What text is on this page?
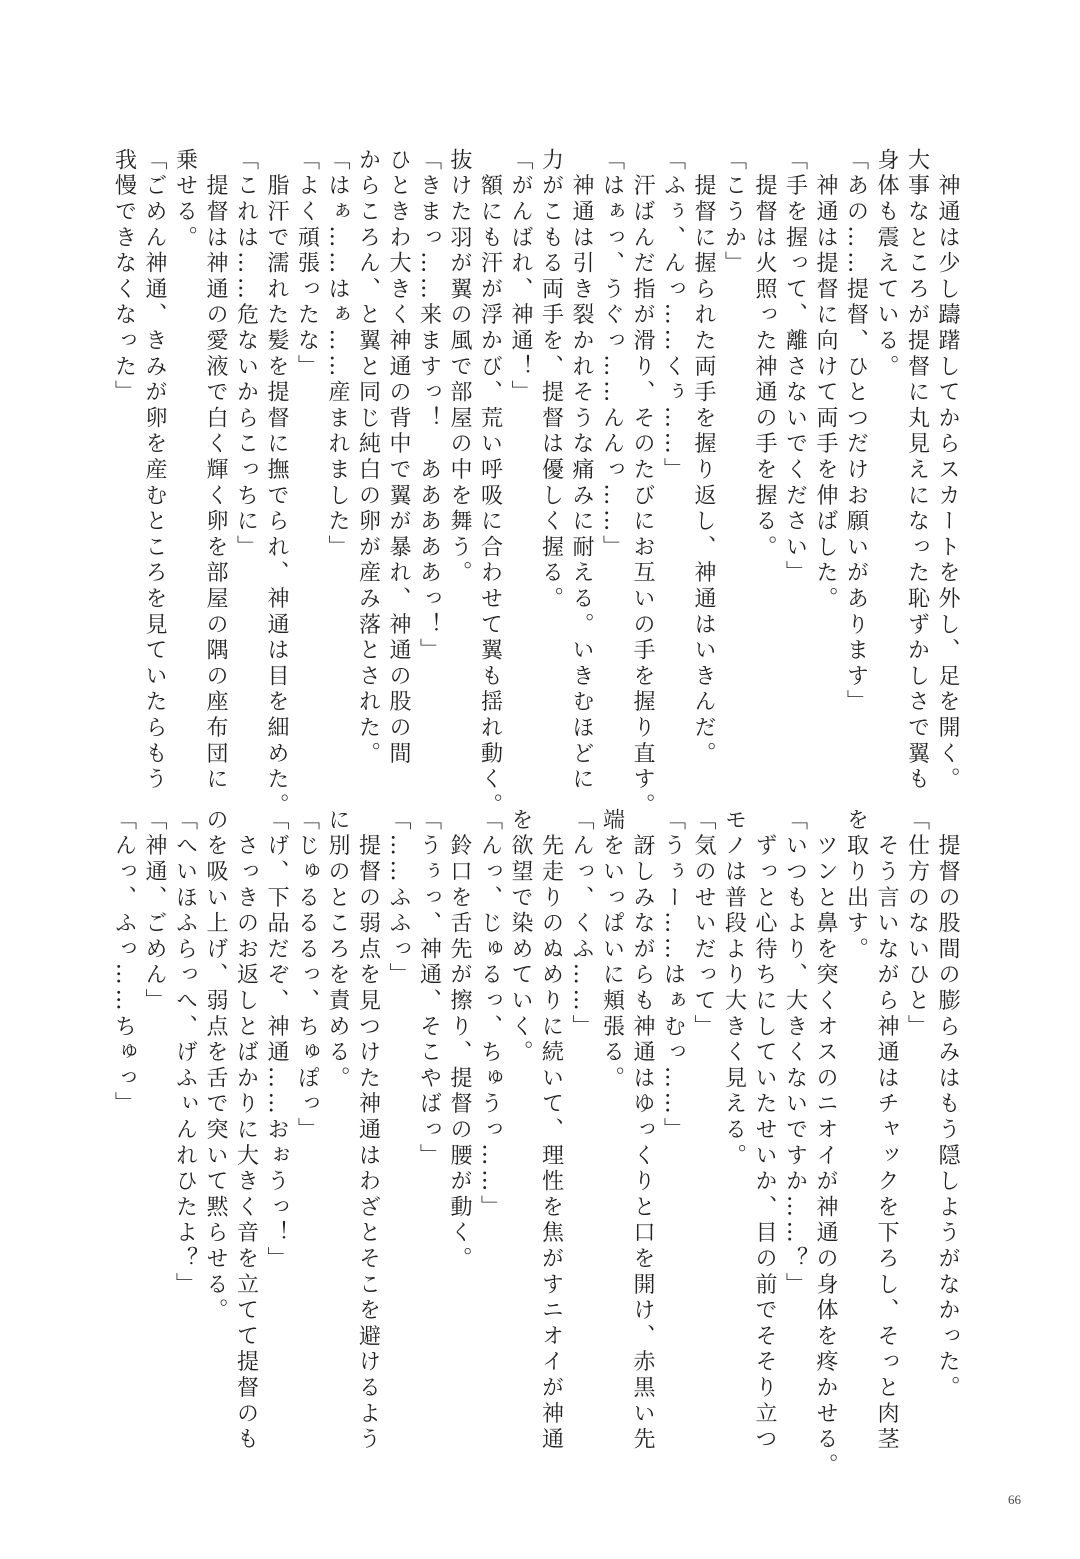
　神通は少し躊躇してからスカートを外し、足を開く。

大事なところが提督に丸見えになった恥ずかしさで翼も

身体も震えている。

「あの……提督、ひとつだけお願いがあります」

　神通は提督に向けて両手を伸ばした。

「手を握って、離さないでください」

　提督は火照った神通の手を握る。

「こうか」

　提督に握られた両手を握り返し、神通はいきんだ。

「ふぅ、んっ……くぅ……」

　汗ばんだ指が滑り、そのたびにお互いの手を握り直す。

「はぁっ、うぐっ……んんっ……」

　神通は引き裂かれそうな痛みに耐える。いきむほどに

力がこもる両手を、提督は優しく握る。

「がんばれ、神通！」

　額にも汗が浮かび、荒い呼吸に合わせて翼も揺れ動く。

抜けた羽が翼の風で部屋の中を舞う。

「きまっ……来ますっ！　あああああっ！」

ひときわ大きく神通の背中で翼が暴れ、神通の股の間

からころん、と翼と同じ純白の卵が産み落とされた。

「はぁ……はぁ……産まれました」

「よく頑張ったな」

　脂汗で濡れた髪を提督に撫でられ、神通は目を細めた。

「これは……危ないからこっちに」

　提督は神通の愛液で白く輝く卵を部屋の隅の座布団に

乗せる。

「ごめん神通、きみが卵を産むところを見ていたらもう

我慢できなくなった」

　提督の股間の膨らみはもう隠しようがなかった。

「仕方のないひと」

　そう言いながら神通はチャックを下ろし、そっと肉茎

を取り出す。

　ツンと鼻を突くオスのニオイが神通の身体を疼かせる。

「いつもより、大きくないですか……？」

　ずっと心待ちにしていたせいか、目の前でそそり立つ

モノは普段より大きく見える。

「気のせいだって」

「うぅー……はぁむっ……」

　訝しみながらも神通はゆっくりと口を開け、赤黒い先

端をいっぱいに頬張る。

「んっ、くふ……」

　先走りのぬめりに続いて、理性を焦がすニオイが神通

を欲望で染めていく。

「んっ、じゅるっ、ちゅうっ……」

　鈴口を舌先が擦り、提督の腰が動く。

「うぅっ、神通、そこやばっ」

「……ふふっ」

　提督の弱点を見つけた神通はわざとそこを避けるよう

に別のところを責める。

「じゅるるるっ、ちゅぽっ」

「げ、下品だぞ、神通……おぉうっ！」

　さっきのお返しとばかりに大きく音を立てて提督のも

のを吸い上げ、弱点を舌で突いて黙らせる。

「へいほふらっへ、げふぃんれひたよ？」

「神通、ごめん」

「んっ、ふっ……ちゅっ」

66
